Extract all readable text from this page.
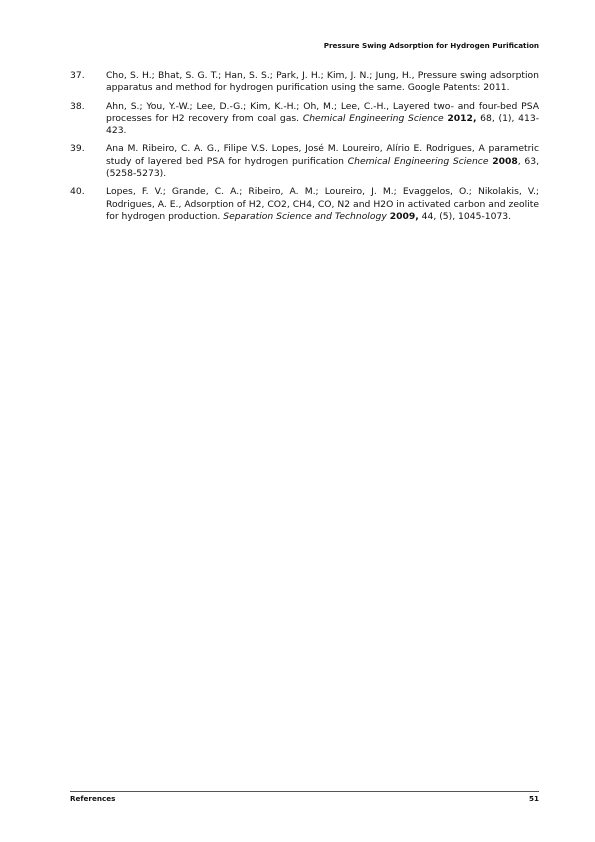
Pressure Swing Adsorption for Hydrogen Purification
37. Cho, S. H.; Bhat, S. G. T.; Han, S. S.; Park, J. H.; Kim, J. N.; Jung, H., Pressure swing adsorption apparatus and method for hydrogen purification using the same. Google Patents: 2011.
38. Ahn, S.; You, Y.-W.; Lee, D.-G.; Kim, K.-H.; Oh, M.; Lee, C.-H., Layered two- and four-bed PSA processes for H2 recovery from coal gas. Chemical Engineering Science 2012, 68, (1), 413-423.
39. Ana M. Ribeiro, C. A. G., Filipe V.S. Lopes, José M. Loureiro, Alírio E. Rodrigues, A parametric study of layered bed PSA for hydrogen purification Chemical Engineering Science 2008, 63, (5258-5273).
40. Lopes, F. V.; Grande, C. A.; Ribeiro, A. M.; Loureiro, J. M.; Evaggelos, O.; Nikolakis, V.; Rodrigues, A. E., Adsorption of H2, CO2, CH4, CO, N2 and H2O in activated carbon and zeolite for hydrogen production. Separation Science and Technology 2009, 44, (5), 1045-1073.
References	51
